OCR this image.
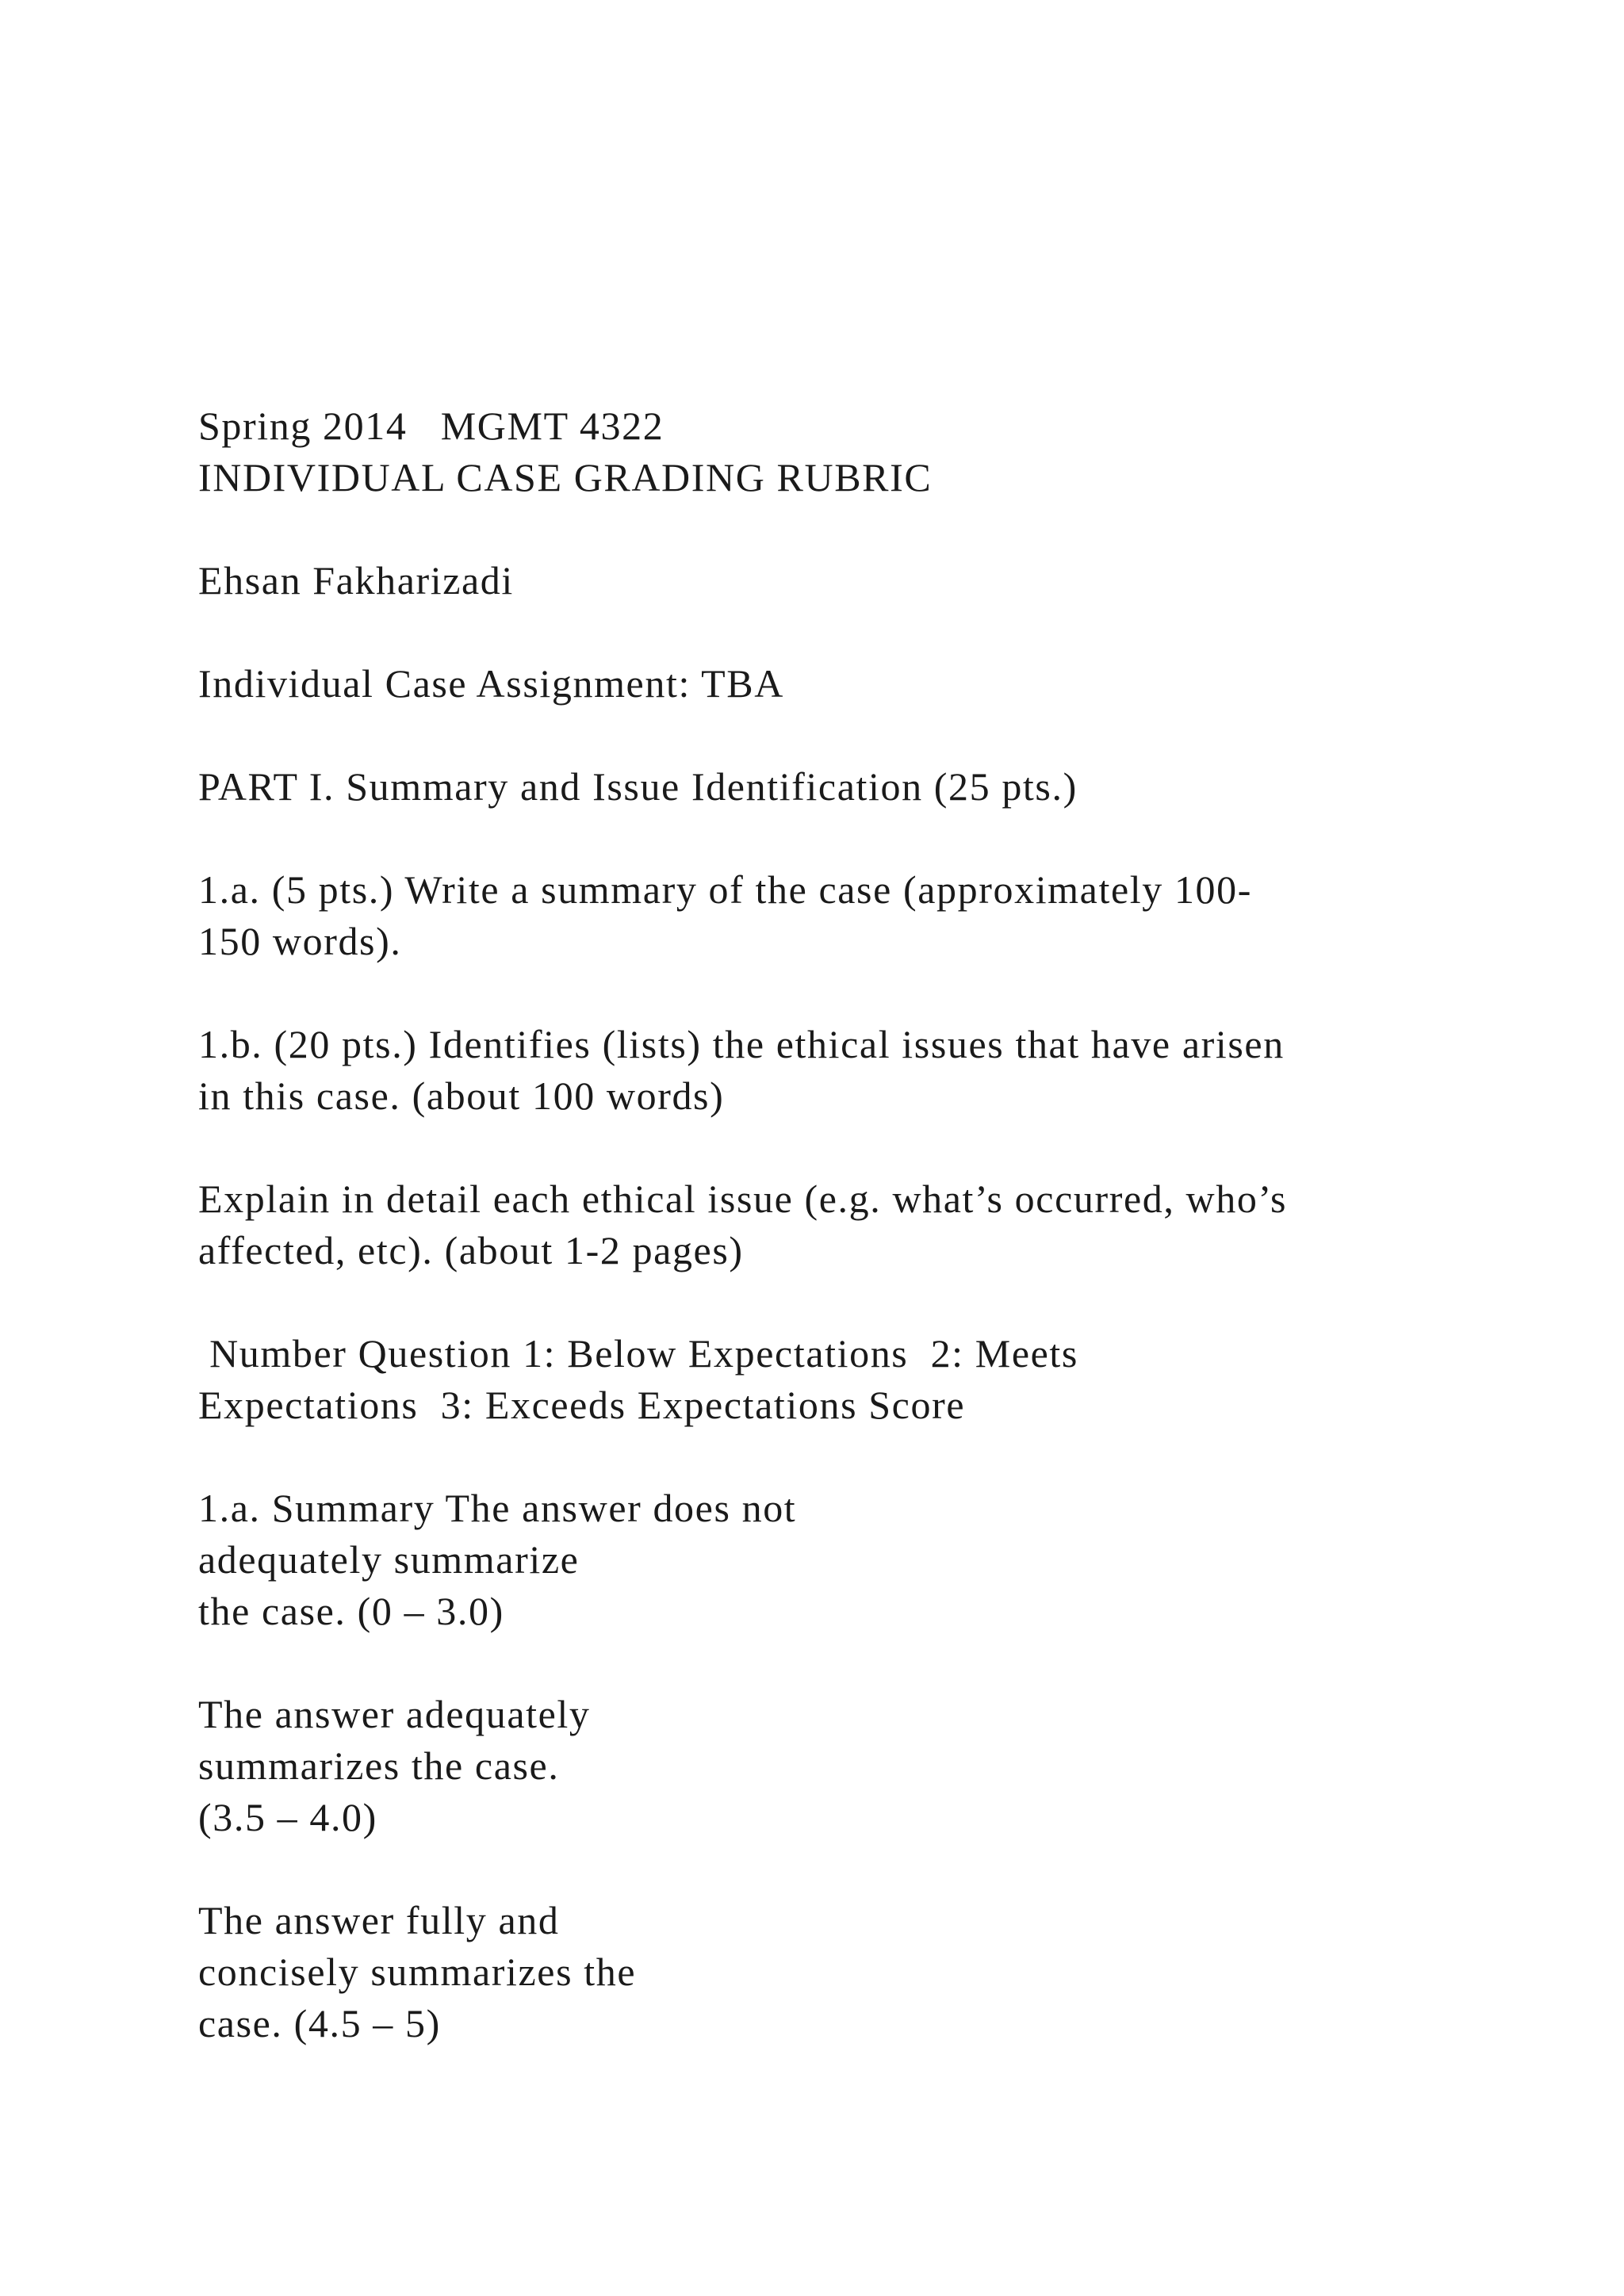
Spring 2014   MGMT 4322
INDIVIDUAL CASE GRADING RUBRIC
Ehsan Fakharizadi
Individual Case Assignment: TBA
PART I. Summary and Issue Identification (25 pts.)
1.a. (5 pts.) Write a summary of the case (approximately 100-
150 words).
1.b. (20 pts.) Identifies (lists) the ethical issues that have arisen
in this case. (about 100 words)
Explain in detail each ethical issue (e.g. what’s occurred, who’s
affected, etc). (about 1-2 pages)
Number Question 1: Below Expectations  2: Meets
Expectations  3: Exceeds Expectations Score
1.a. Summary The answer does not
adequately summarize
the case. (0 – 3.0)
The answer adequately
summarizes the case.
(3.5 – 4.0)
The answer fully and
concisely summarizes the
case. (4.5 – 5)
